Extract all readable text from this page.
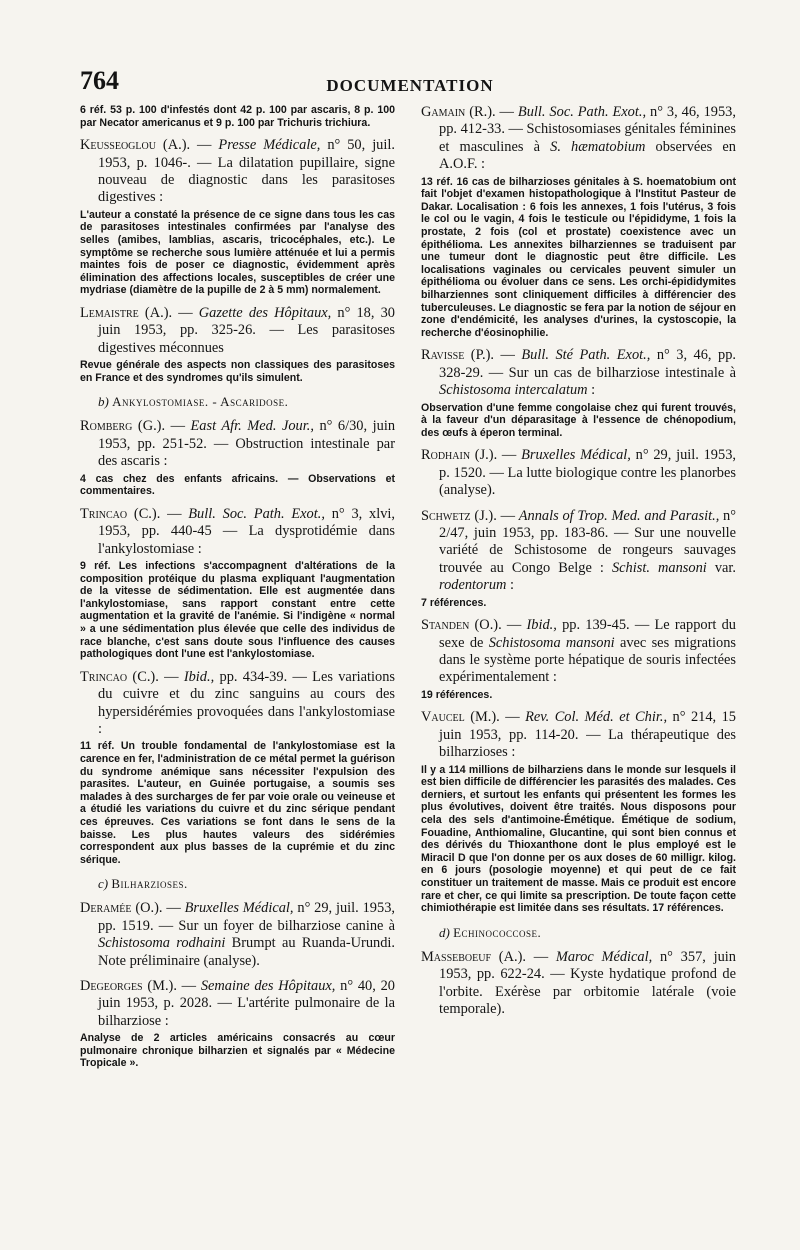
764	DOCUMENTATION

6 réf. 53 p. 100 d'infestés dont 42 p. 100 par ascaris, 8 p. 100 par Necator americanus et 9 p. 100 par Trichuris trichiura.

Keusseoglou (A.). — Presse Médicale, n° 50, juil. 1953, p. 1046-. — La dilatation pupillaire, signe nouveau de diagnostic dans les parasitoses digestives :

L'auteur a constaté la présence de ce signe dans tous les cas de parasitoses intestinales confirmées par l'analyse des selles (amibes, lamblias, ascaris, tricocéphales, etc.). Le symptôme se recherche sous lumière atténuée et lui a permis maintes fois de poser ce diagnostic, évidemment après élimination des affections locales, susceptibles de créer une mydriase (diamètre de la pupille de 2 à 5 mm) normalement.

Lemaistre (A.). — Gazette des Hôpitaux, n° 18, 30 juin 1953, pp. 325-26. — Les parasitoses digestives méconnues

Revue générale des aspects non classiques des parasitoses en France et des syndromes qu'ils simulent.

b) Ankylostomiase. - Ascaridose.

Romberg (G.). — East Afr. Med. Jour., n° 6/30, juin 1953, pp. 251-52. — Obstruction intestinale par des ascaris :

4 cas chez des enfants africains. — Observations et commentaires.

Trincao (C.). — Bull. Soc. Path. Exot., n° 3, xlvi, 1953, pp. 440-45 — La dysprotidémie dans l'ankylostomiase :

9 réf. Les infections s'accompagnent d'altérations de la composition protéique du plasma expliquant l'augmentation de la vitesse de sédimentation. Elle est augmentée dans l'ankylostomiase, sans rapport constant entre cette augmentation et la gravité de l'anémie. Si l'indigène « normal » a une sédimentation plus élevée que celle des individus de race blanche, c'est sans doute sous l'influence des causes pathologiques dont l'une est l'ankylostomiase.

Trincao (C.). — Ibid., pp. 434-39. — Les variations du cuivre et du zinc sanguins au cours des hypersidérémies provoquées dans l'ankylostomiase :

11 réf. Un trouble fondamental de l'ankylostomiase est la carence en fer, l'administration de ce métal permet la guérison du syndrome anémique sans nécessiter l'expulsion des parasites. L'auteur, en Guinée portugaise, a soumis ses malades à des surcharges de fer par voie orale ou veineuse et a étudié les variations du cuivre et du zinc sérique pendant ces épreuves. Ces variations se font dans le sens de la baisse. Les plus hautes valeurs des sidérémies correspondent aux plus basses de la cuprémie et du zinc sérique.

c) Bilharzioses.

Deramée (O.). — Bruxelles Médical, n° 29, juil. 1953, pp. 1519. — Sur un foyer de bilharziose canine à Schistosoma rodhaini Brumpt au Ruanda-Urundi. Note préliminaire (analyse).

Degeorges (M.). — Semaine des Hôpitaux, n° 40, 20 juin 1953, p. 2028. — L'artérite pulmonaire de la bilharziose :

Analyse de 2 articles américains consacrés au cœur pulmonaire chronique bilharzien et signalés par « Médecine Tropicale ».

Gamain (R.). — Bull. Soc. Path. Exot., n° 3, 46, 1953, pp. 412-33. — Schistosomiases génitales féminines et masculines à S. hæmatobium observées en A.O.F. :

13 réf. 16 cas de bilharzioses génitales à S. hoematobium ont fait l'objet d'examen histopathologique à l'Institut Pasteur de Dakar. Localisation : 6 fois les annexes, 1 fois l'utérus, 3 fois le col ou le vagin, 4 fois le testicule ou l'épididyme, 1 fois la prostate, 2 fois (col et prostate) coexistence avec un épithélioma. Les annexites bilharziennes se traduisent par une tumeur dont le diagnostic peut être difficile. Les localisations vaginales ou cervicales peuvent simuler un épithélioma ou évoluer dans ce sens. Les orchi-épididymites bilharziennes sont cliniquement difficiles à différencier des tuberculeuses. Le diagnostic se fera par la notion de séjour en zone d'endémicité, les analyses d'urines, la cystoscopie, la recherche d'éosinophilie.

Ravisse (P.). — Bull. Sté Path. Exot., n° 3, 46, pp. 328-29. — Sur un cas de bilharziose intestinale à Schistosoma intercalatum :

Observation d'une femme congolaise chez qui furent trouvés, à la faveur d'un déparasitage à l'essence de chénopodium, des œufs à éperon terminal.

Rodhain (J.). — Bruxelles Médical, n° 29, juil. 1953, p. 1520. — La lutte biologique contre les planorbes (analyse).

Schwetz (J.). — Annals of Trop. Med. and Parasit., n° 2/47, juin 1953, pp. 183-86. — Sur une nouvelle variété de Schistosome de rongeurs sauvages trouvée au Congo Belge : Schist. mansoni var. rodentorum :

7 références.

Standen (O.). — Ibid., pp. 139-45. — Le rapport du sexe de Schistosoma mansoni avec ses migrations dans le système porte hépatique de souris infectées expérimentalement :

19 références.

Vaucel (M.). — Rev. Col. Méd. et Chir., n° 214, 15 juin 1953, pp. 114-20. — La thérapeutique des bilharzioses :

Il y a 114 millions de bilharziens dans le monde sur lesquels il est bien difficile de différencier les parasités des malades. Ces derniers, et surtout les enfants qui présentent les formes les plus évolutives, doivent être traités. Nous disposons pour cela des sels d'antimoine-Émétique. Émétique de sodium, Fouadine, Anthiomaline, Glucantine, qui sont bien connus et des dérivés du Thioxanthone dont le plus employé est le Miracil D que l'on donne per os aux doses de 60 milligr. kilog. en 6 jours (posologie moyenne) et qui peut de ce fait constituer un traitement de masse. Mais ce produit est encore rare et cher, ce qui limite sa prescription. De toute façon cette chimiothérapie est limitée dans ses résultats. 17 références.

d) Echinococcose.

Masseboeuf (A.). — Maroc Médical, n° 357, juin 1953, pp. 622-24. — Kyste hydatique profond de l'orbite. Exérèse par orbitomie latérale (voie temporale).
